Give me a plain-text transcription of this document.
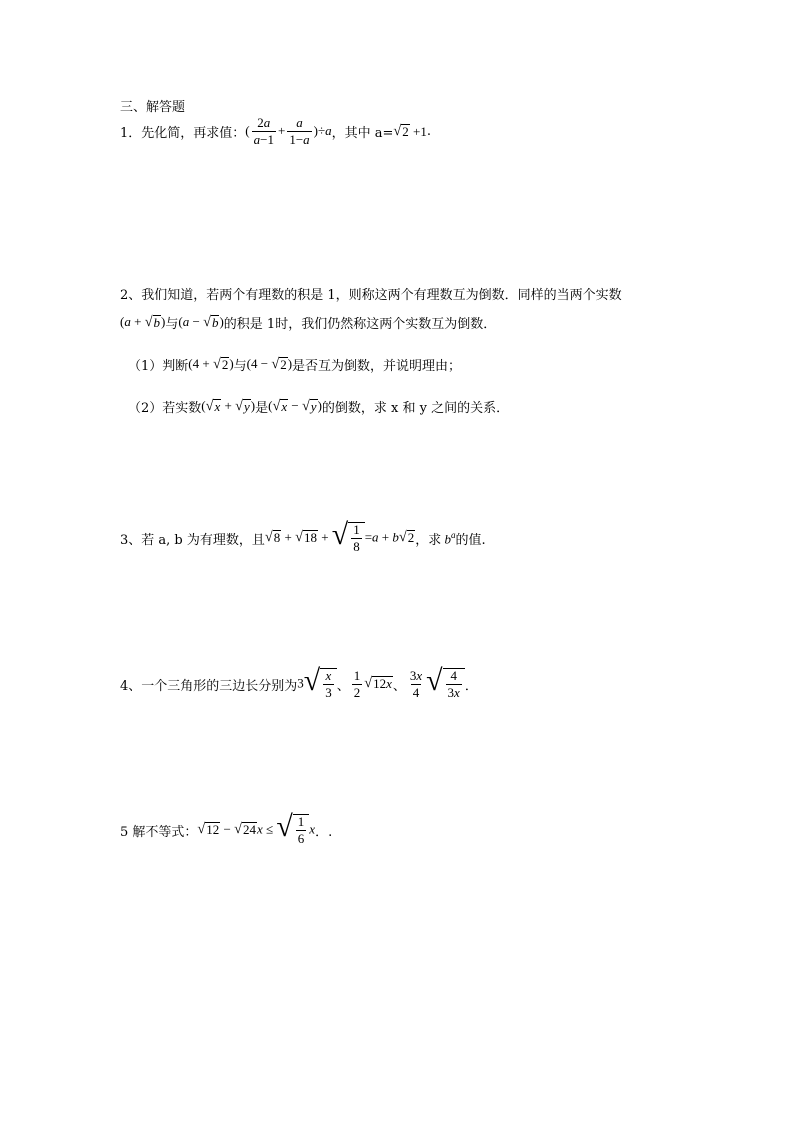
三、解答题
1．先化简，再求值： ( $\frac{2a}{a-1} + \frac{a}{1-a} )\div a$ ，其中 a= √ 2 +1 .
2、我们知道，若两个有理数的积是 1，则称这两个有理数互为倒数．同样的当两个实数
(a + √ b ) 与 (a − √ b ) 的积是 1时，我们仍然称这两个实数互为倒数．
（1）判断 (4 + √ 2 ) 与 (4 − √ 2 ) 是否互为倒数，并说明理由；
（2）若实数 ( √ x + √ y ) 是 ( √ x − √ y ) 的倒数，求 x 和 y 之间的关系．
3、若 a, b 为有理数，且 √ 8 + √ 18 + √ $\frac{1}{8} =a + b$ √ 2 ，求 $b^a$ 的值.
4、一个三角形的三边长分别为 3 √ $\frac{x}{3}$ 、 $\frac{1}{2}$ √ 12x 、 $\frac{3x}{4}$ √ $\frac{4}{3x}$ ．
5 解不等式： √ 12 − √ 24 x ≤ √ $\frac{1}{6}$ x ．.
